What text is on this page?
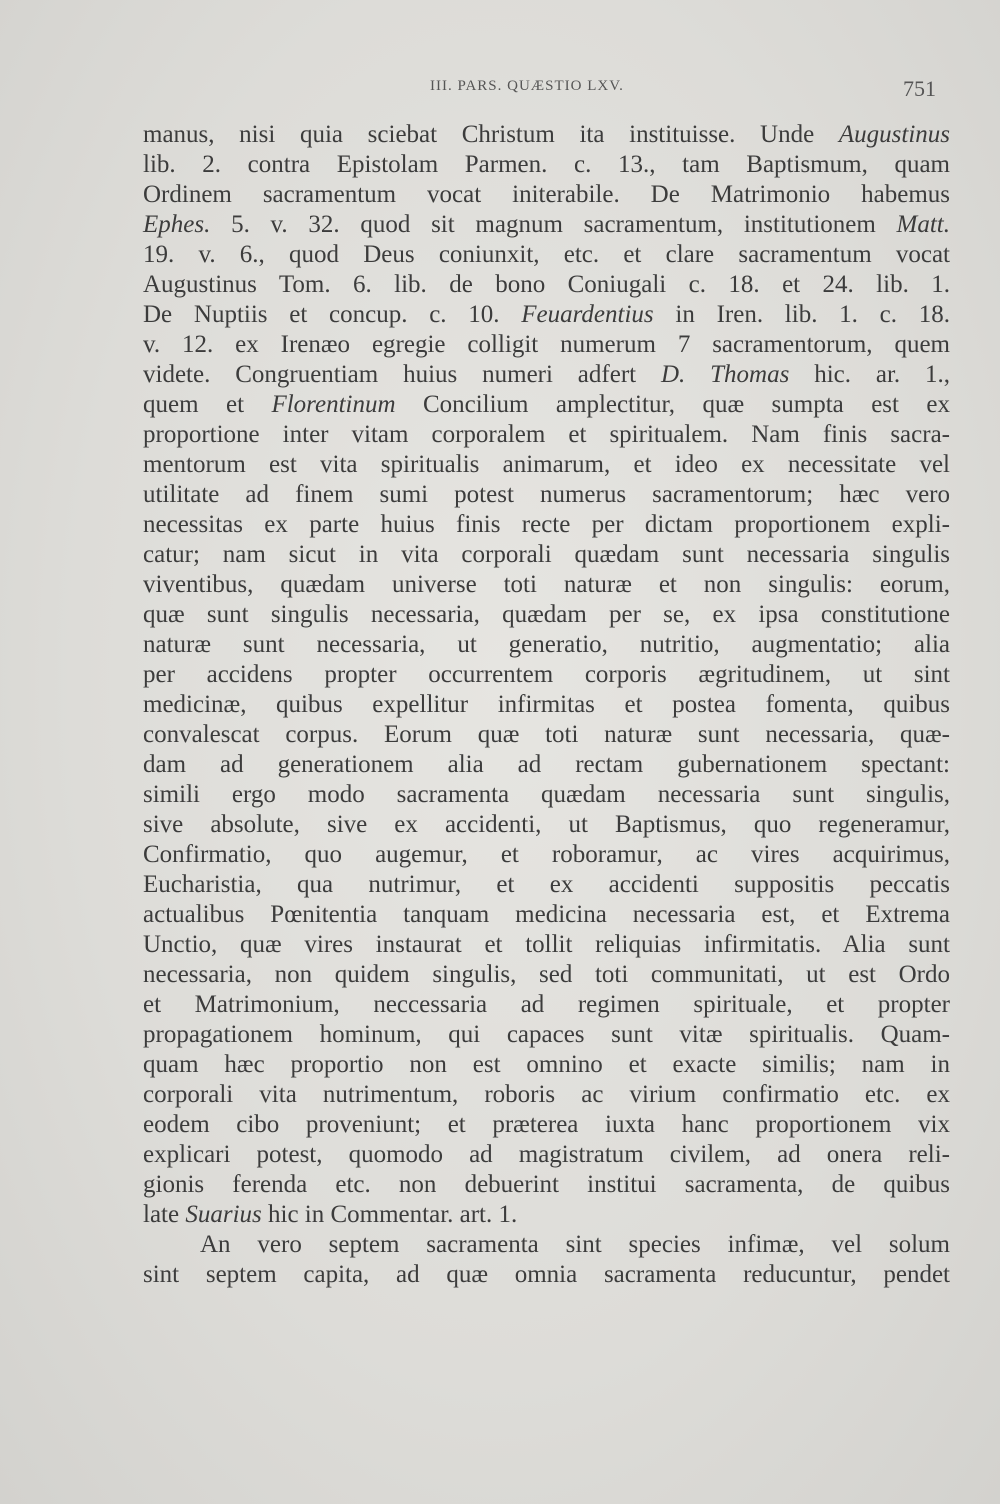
III. PARS. QUÆSTIO LXV.	751
manus, nisi quia sciebat Christum ita instituisse. Unde Augustinus
lib. 2. contra Epistolam Parmen. c. 13., tam Baptismum, quam
Ordinem sacramentum vocat initerabile. De Matrimonio habemus
Ephes. 5. v. 32. quod sit magnum sacramentum, institutionem Matt.
19. v. 6., quod Deus coniunxit, etc. et clare sacramentum vocat
Augustinus Tom. 6. lib. de bono Coniugali c. 18. et 24. lib. 1.
De Nuptiis et concup. c. 10. Feuardentius in Iren. lib. 1. c. 18.
v. 12. ex Irenæo egregie colligit numerum 7 sacramentorum, quem
videte. Congruentiam huius numeri adfert D. Thomas hic. ar. 1.,
quem et Florentinum Concilium amplectitur, quæ sumpta est ex
proportione inter vitam corporalem et spiritualem. Nam finis sacra-
mentorum est vita spiritualis animarum, et ideo ex necessitate vel
utilitate ad finem sumi potest numerus sacramentorum; hæc vero
necessitas ex parte huius finis recte per dictam proportionem expli-
catur; nam sicut in vita corporali quædam sunt necessaria singulis
viventibus, quædam universe toti naturæ et non singulis: eorum,
quæ sunt singulis necessaria, quædam per se, ex ipsa constitutione
naturæ sunt necessaria, ut generatio, nutritio, augmentatio; alia
per accidens propter occurrentem corporis ægritudinem, ut sint
medicinæ, quibus expellitur infirmitas et postea fomenta, quibus
convalescat corpus. Eorum quæ toti naturæ sunt necessaria, quæ-
dam ad generationem alia ad rectam gubernationem spectant:
simili ergo modo sacramenta quædam necessaria sunt singulis,
sive absolute, sive ex accidenti, ut Baptismus, quo regeneramur,
Confirmatio, quo augemur, et roboramur, ac vires acquirimus,
Eucharistia, qua nutrimur, et ex accidenti suppositis peccatis
actualibus Pœnitentia tanquam medicina necessaria est, et Extrema
Unctio, quæ vires instaurat et tollit reliquias infirmitatis. Alia sunt
necessaria, non quidem singulis, sed toti communitati, ut est Ordo
et Matrimonium, neccessaria ad regimen spirituale, et propter
propagationem hominum, qui capaces sunt vitæ spiritualis. Quam-
quam hæc proportio non est omnino et exacte similis; nam in
corporali vita nutrimentum, roboris ac virium confirmatio etc. ex
eodem cibo proveniunt; et præterea iuxta hanc proportionem vix
explicari potest, quomodo ad magistratum civilem, ad onera reli-
gionis ferenda etc. non debuerint institui sacramenta, de quibus
late Suarius hic in Commentar. art. 1.
An vero septem sacramenta sint species infimæ, vel solum
sint septem capita, ad quæ omnia sacramenta reducuntur, pendet
